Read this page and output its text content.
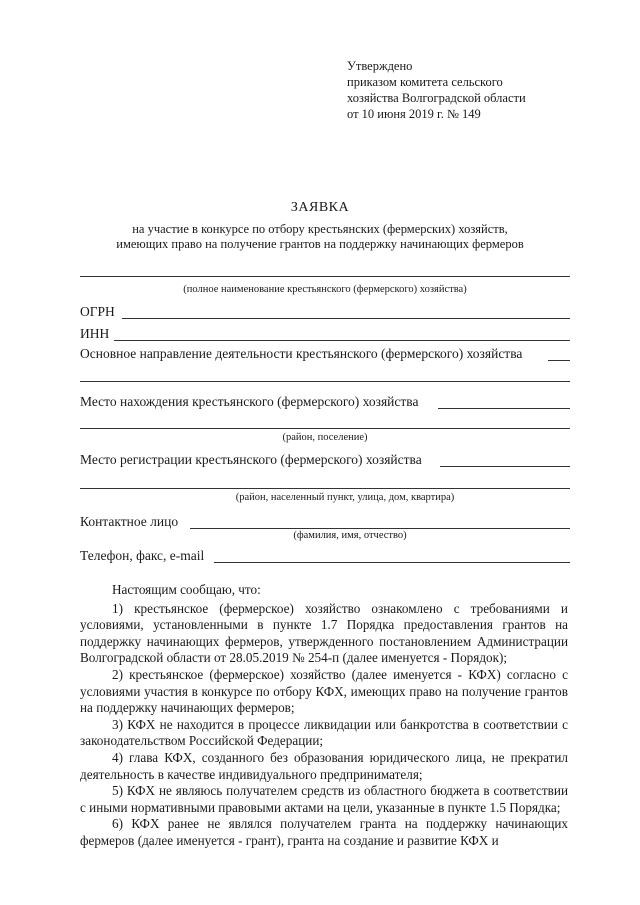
Утверждено
приказом комитета сельского
хозяйства Волгоградской области
от 10 июня 2019 г. № 149
ЗАЯВКА
на участие в конкурсе по отбору крестьянских (фермерских) хозяйств,
имеющих право на получение грантов на поддержку начинающих фермеров
(полное наименование крестьянского (фермерского) хозяйства)
ОГРН
ИНН
Основное направление деятельности крестьянского (фермерского) хозяйства
Место нахождения крестьянского (фермерского) хозяйства
(район, поселение)
Место регистрации крестьянского (фермерского) хозяйства
(район, населенный пункт, улица, дом, квартира)
Контактное лицо
(фамилия, имя, отчество)
Телефон, факс, e-mail

Настоящим сообщаю, что:

1) крестьянское (фермерское) хозяйство ознакомлено с требованиями и условиями, установленными в пункте 1.7 Порядка предоставления грантов на поддержку начинающих фермеров, утвержденного постановлением Администрации Волгоградской области от 28.05.2019 № 254-п (далее именуется - Порядок);

2) крестьянское (фермерское) хозяйство (далее именуется - КФХ) согласно с условиями участия в конкурсе по отбору КФХ, имеющих право на получение грантов на поддержку начинающих фермеров;

3) КФХ не находится в процессе ликвидации или банкротства в соответствии с законодательством Российской Федерации;

4) глава КФХ, созданного без образования юридического лица, не прекратил деятельность в качестве индивидуального предпринимателя;

5) КФХ не являюсь получателем средств из областного бюджета в соответствии с иными нормативными правовыми актами на цели, указанные в пункте 1.5 Порядка;

6) КФХ ранее не являлся получателем гранта на поддержку начинающих фермеров (далее именуется - грант), гранта на создание и развитие КФХ и
